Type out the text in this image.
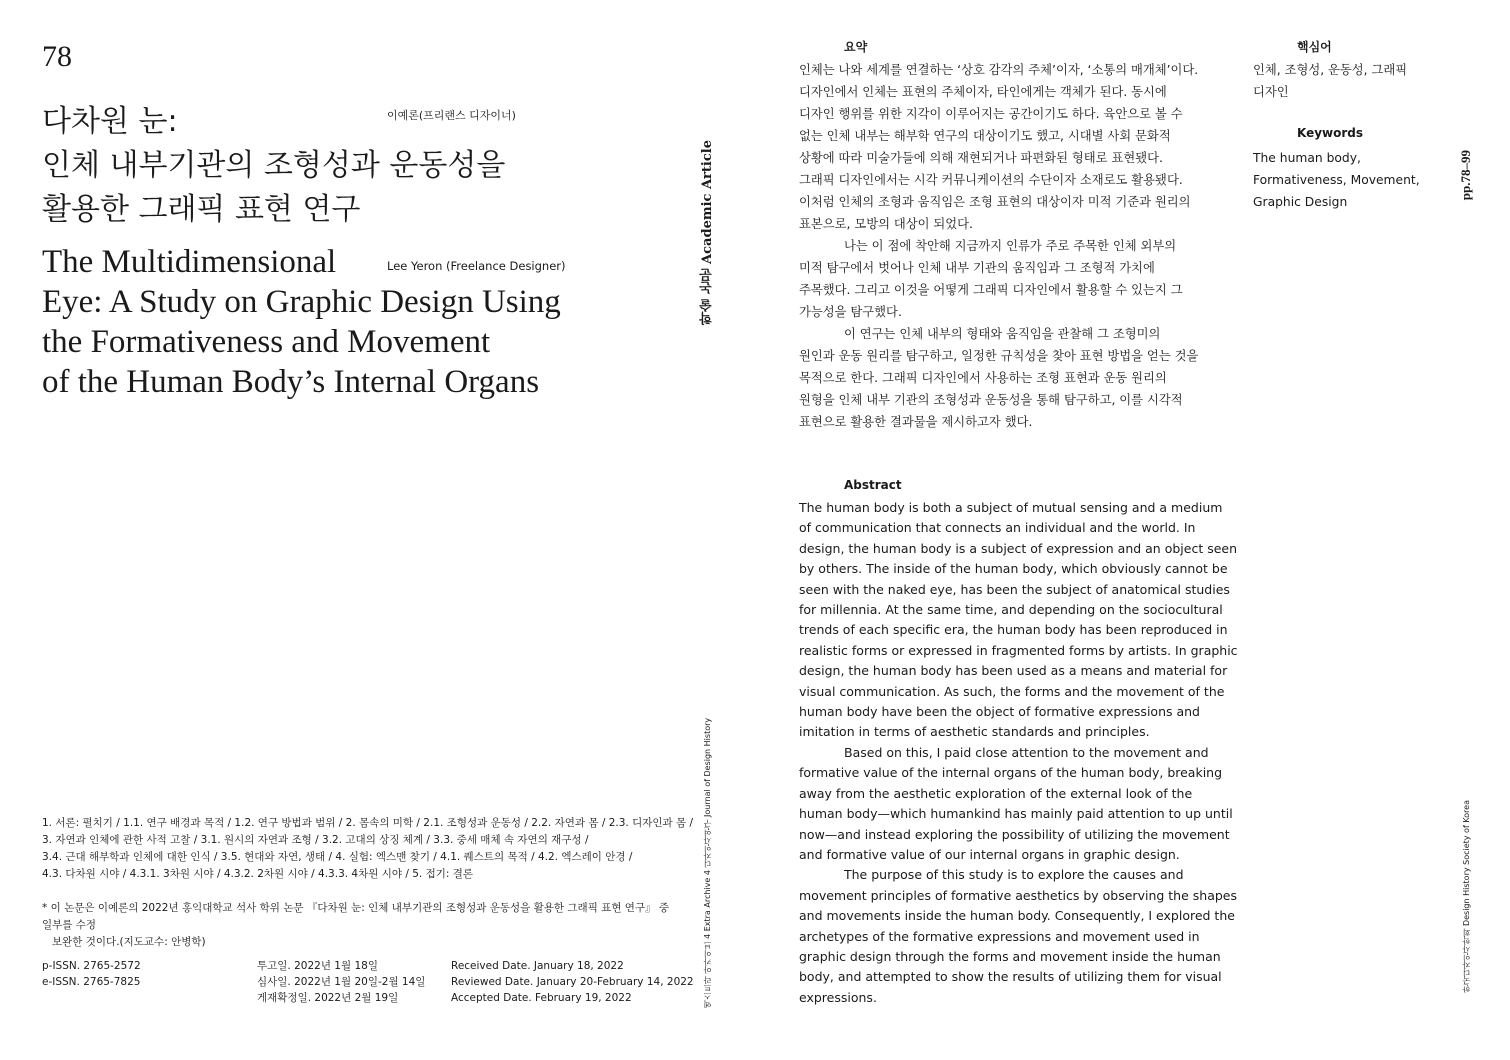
78
다차원 눈:
인체 내부기관의 조형성과 운동성을
활용한 그래픽 표현 연구
이예론(프리랜스 디자이너)
The Multidimensional
Eye: A Study on Graphic Design Using
the Formativeness and Movement
of the Human Body’s Internal Organs
Lee Yeron (Freelance Designer)
1. 서론: 펼치기 / 1.1. 연구 배경과 목적 / 1.2. 연구 방법과 범위 / 2. 몸속의 미학 / 2.1. 조형성과 운동성 / 2.2. 자연과 몸 / 2.3. 디자인과 몸 /
3. 자연과 인체에 관한 사적 고찰 / 3.1. 원시의 자연과 조형 / 3.2. 고대의 상징 체계 / 3.3. 중세 매체 속 자연의 재구성 /
3.4. 근대 해부학과 인체에 대한 인식 / 3.5. 현대와 자연, 생태 / 4. 실험: 엑스맨 찾기 / 4.1. 퀘스트의 목적 / 4.2. 엑스레이 안경 /
4.3. 다차원 시야 / 4.3.1. 3차원 시야 / 4.3.2. 2차원 시야 / 4.3.3. 4차원 시야 / 5. 접기: 결론
* 이 논문은 이예론의 2022년 홍익대학교 석사 학위 논문 『다차원 눈: 인체 내부기관의 조형성과 운동성을 활용한 그래픽 표현 연구』 중 일부를 수정
보완한 것이다.(지도교수: 안병학)
p-ISSN. 2765-2572
e-ISSN. 2765-7825
투고일. 2022년 1월 18일
심사일. 2022년 1월 20일-2월 14일
게재확정일. 2022년 2월 19일
Received Date. January 18, 2022
Reviewed Date. January 20-February 14, 2022
Accepted Date. February 19, 2022
학술 논문 Academic Article
엑스트라 아카이브 4 Extra Archive 4 디자인사연구 Journal of Design History
pp.78–99
한국디자인사학회 Design History Society of Korea
요약
인체는 나와 세계를 연결하는 ‘상호 감각의 주체’이자, ‘소통의 매개체’이다.
디자인에서 인체는 표현의 주체이자, 타인에게는 객체가 된다. 동시에
디자인 행위를 위한 지각이 이루어지는 공간이기도 하다. 육안으로 볼 수
없는 인체 내부는 해부학 연구의 대상이기도 했고, 시대별 사회 문화적
상황에 따라 미술가들에 의해 재현되거나 파편화된 형태로 표현됐다.
그래픽 디자인에서는 시각 커뮤니케이션의 수단이자 소재로도 활용됐다.
이처럼 인체의 조형과 움직임은 조형 표현의 대상이자 미적 기준과 원리의
표본으로, 모방의 대상이 되었다.
나는 이 점에 착안해 지금까지 인류가 주로 주목한 인체 외부의
미적 탐구에서 벗어나 인체 내부 기관의 움직임과 그 조형적 가치에
주목했다. 그리고 이것을 어떻게 그래픽 디자인에서 활용할 수 있는지 그
가능성을 탐구했다.
이 연구는 인체 내부의 형태와 움직임을 관찰해 그 조형미의
원인과 운동 원리를 탐구하고, 일정한 규칙성을 찾아 표현 방법을 얻는 것을
목적으로 한다. 그래픽 디자인에서 사용하는 조형 표현과 운동 원리의
원형을 인체 내부 기관의 조형성과 운동성을 통해 탐구하고, 이를 시각적
표현으로 활용한 결과물을 제시하고자 했다.
핵심어
인체, 조형성, 운동성, 그래픽
디자인
Keywords
The human body,
Formativeness, Movement,
Graphic Design
Abstract
The human body is both a subject of mutual sensing and a medium
of communication that connects an individual and the world. In
design, the human body is a subject of expression and an object seen
by others. The inside of the human body, which obviously cannot be
seen with the naked eye, has been the subject of anatomical studies
for millennia. At the same time, and depending on the sociocultural
trends of each specific era, the human body has been reproduced in
realistic forms or expressed in fragmented forms by artists. In graphic
design, the human body has been used as a means and material for
visual communication. As such, the forms and the movement of the
human body have been the object of formative expressions and
imitation in terms of aesthetic standards and principles.
Based on this, I paid close attention to the movement and
formative value of the internal organs of the human body, breaking
away from the aesthetic exploration of the external look of the
human body—which humankind has mainly paid attention to up until
now—and instead exploring the possibility of utilizing the movement
and formative value of our internal organs in graphic design.
The purpose of this study is to explore the causes and
movement principles of formative aesthetics by observing the shapes
and movements inside the human body. Consequently, I explored the
archetypes of the formative expressions and movement used in
graphic design through the forms and movement inside the human
body, and attempted to show the results of utilizing them for visual
expressions.
